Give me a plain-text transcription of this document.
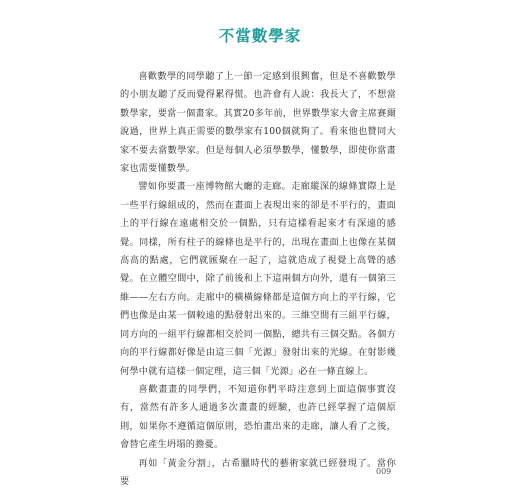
不當數學家

喜歡數學的同學聽了上一節一定感到很興奮，但是不喜歡數學的小朋友聽了反而覺得累得慌。也許會有人說：我長大了，不想當數學家，要當一個畫家。其實20多年前，世界數學家大會主席賽爾說過，世界上真正需要的數學家有100個就夠了。看來他也贊同大家不要去當數學家。但是每個人必須學數學，懂數學，即使你當畫家也需要懂數學。

譬如你要畫一座博物館大廳的走廊。走廊縱深的線條實際上是一些平行線組成的，然而在畫面上表現出來的卻是不平行的，畫面上的平行線在遠處相交於一個點，只有這樣看起來才有深遠的感覺。同樣，所有柱子的線條也是平行的，出現在畫面上也像在某個高高的點處，它們就匯聚在一起了，這就造成了視覺上高聳的感覺。在立體空間中，除了前後和上下這兩個方向外，還有一個第三維——左右方向。走廊中的橫橫線條都是這個方向上的平行線，它們也像是由某一個較遠的點發射出來的。三維空間有三組平行線，同方向的一組平行線都相交於同一個點，總共有三個交點。各個方向的平行線都好像是由這三個「光源」發射出來的光線。在射影幾何學中就有這樣一個定理，這三個「光源」必在一條直線上。

喜歡畫畫的同學們，不知道你們平時注意到上面這個事實沒有，當然有許多人通過多次畫畫的經驗，也許已經掌握了這個原則，如果你不遵循這個原則，恐怕畫出來的走廊，讓人看了之後，會替它產生坍塌的擔憂。

再如「黃金分割」，古希臘時代的藝術家就已經發現了。當你要

009
